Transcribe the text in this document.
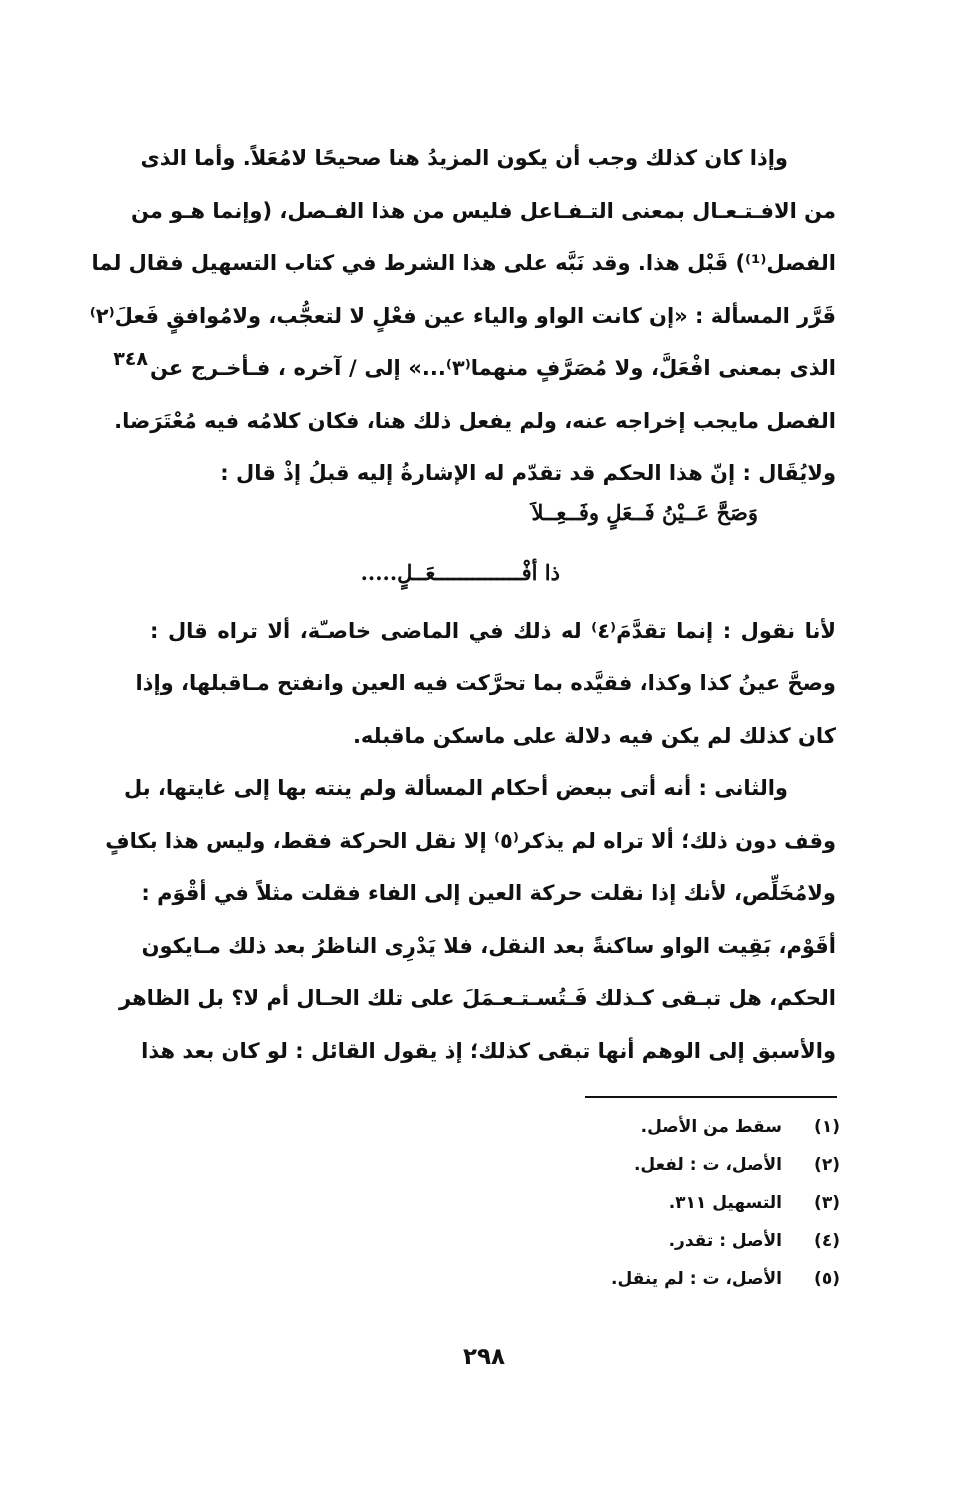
وإذا كان كذلك وجب أن يكون المزيدُ هنا صحيحًا لامُعَلاً. وأما الذى
من الافـتـعـال بمعنى التـفـاعل فليس من هذا الفـصل، (وإنما هـو من
الفصل⁽¹⁾) قَبْل هذا. وقد نَبَّه على هذا الشرط في كتاب التسهيل فقال لما
قَرَّر المسألة : «إن كانت الواو والياء عين فعْلٍ لا لتعجُّب، ولامُوافقٍ فَعلَ⁽٢⁾
الذى بمعنى افْعَلَّ، ولا مُصَرَّفٍ منهما⁽٣⁾...» إلى / آخره ، فـأخـرج عن
الفصل مايجب إخراجه عنه، ولم يفعل ذلك هنا، فكان كلامُه فيه مُعْتَرَضا.
ولايُقَال : إنّ هذا الحكم قد تقدّم له الإشارةُ إليه قبلُ إذْ قال :
لأنا نقول : إنما تقدَّمَ⁽٤⁾ له ذلك في الماضى خاصـّة، ألا تراه قال :
وصحَّ عينُ كذا وكذا، فقيَّده بما تحرَّكت فيه العين وانفتح مـاقبلها، وإذا
كان كذلك لم يكن فيه دلالة على ماسكن ماقبله.
والثانى : أنه أتى ببعض أحكام المسألة ولم ينته بها إلى غايتها، بل
وقف دون ذلك؛ ألا تراه لم يذكر⁽٥⁾ إلا نقل الحركة فقط، وليس هذا بكافٍ
ولامُخَلِّص، لأنك إذا نقلت حركة العين إلى الفاء فقلت مثلاً في أقْوَم :
أقَوْم، بَقِيت الواو ساكنةً بعد النقل، فلا يَدْرِى الناظرُ بعد ذلك مـايكون
الحكم، هل تبـقى كـذلك فَـتُسـتـعـمَلَ على تلك الحـال أم لا؟ بل الظاهر
والأسبق إلى الوهم أنها تبقى كذلك؛ إذ يقول القائل : لو كان بعد هذا
٣٤٨
وَصَحَّ عَــيْنُ فَــعَلٍ وفَــعِــلاَ
ذا أفْــــــــــــــعَــلٍ.....
(١)سقط من الأصل.
(٢)الأصل، ت : لفعل.
(٣)التسهيل ٣١١.
(٤)الأصل : تقدر.
(٥)الأصل، ت : لم ينقل.
٢٩٨
